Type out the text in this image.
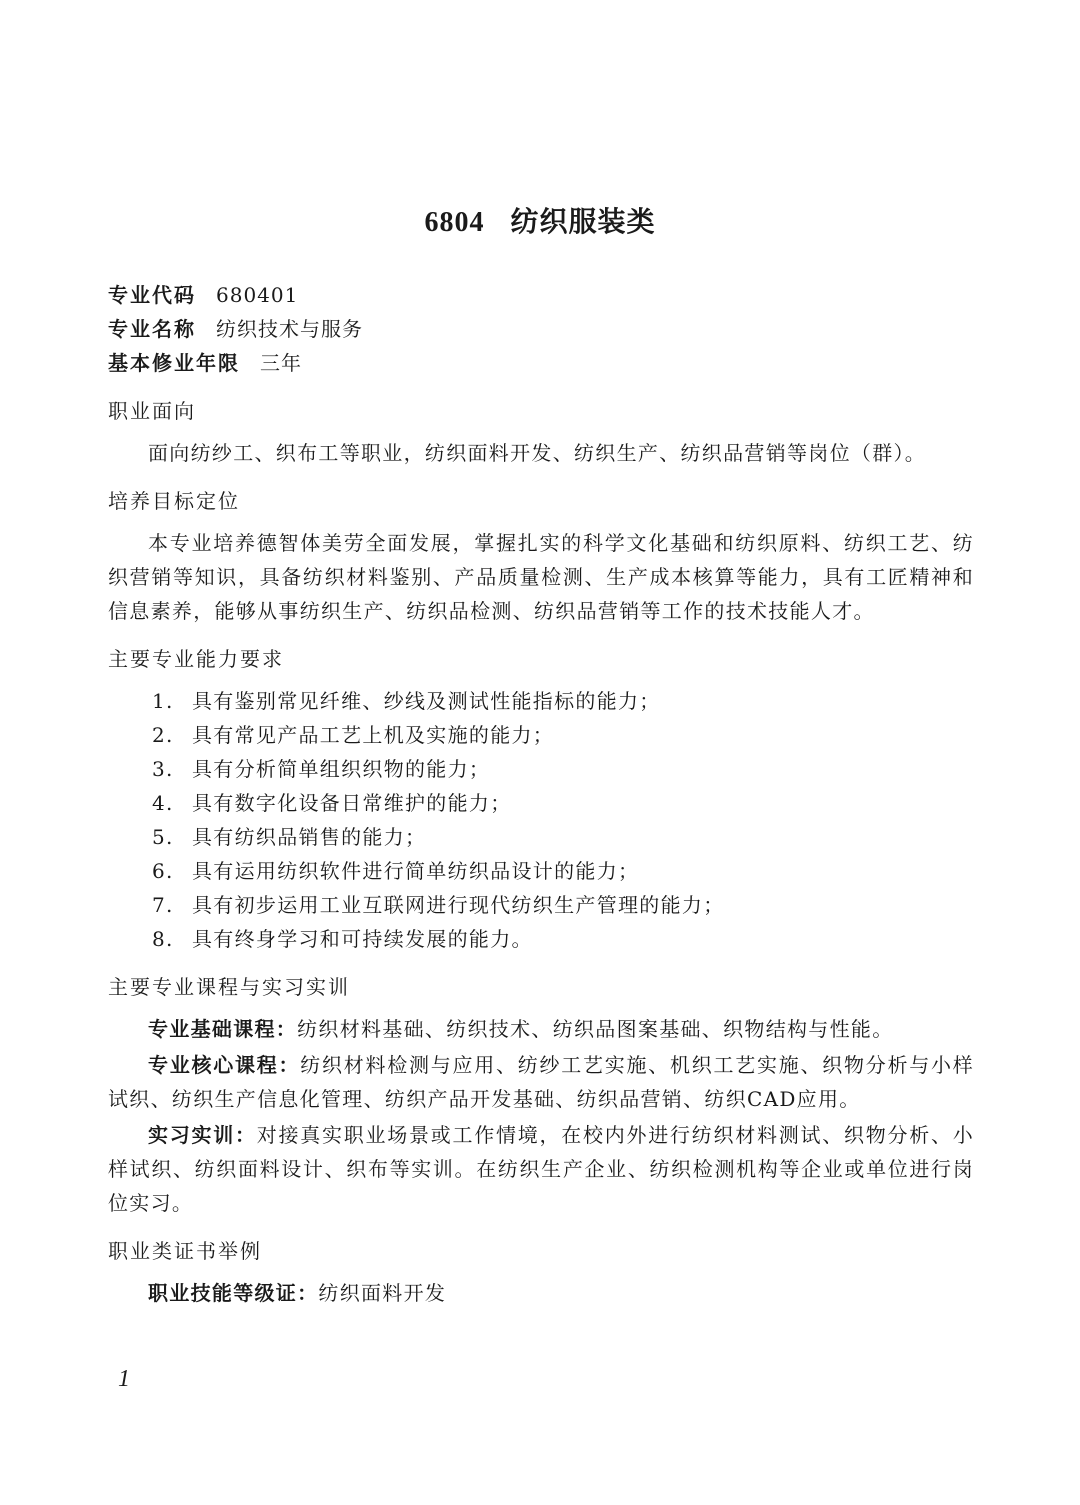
6804 纺织服装类
专业代码 680401
专业名称 纺织技术与服务
基本修业年限 三年
职业面向

面向纺纱工、织布工等职业，纺织面料开发、纺织生产、纺织品营销等岗位（群）。

培养目标定位

本专业培养德智体美劳全面发展，掌握扎实的科学文化基础和纺织原料、纺织工艺、纺织营销等知识，具备纺织材料鉴别、产品质量检测、生产成本核算等能力，具有工匠精神和信息素养，能够从事纺织生产、纺织品检测、纺织品营销等工作的技术技能人才。

主要专业能力要求
1. 具有鉴别常见纤维、纱线及测试性能指标的能力；
2. 具有常见产品工艺上机及实施的能力；
3. 具有分析简单组织织物的能力；
4. 具有数字化设备日常维护的能力；
5. 具有纺织品销售的能力；
6. 具有运用纺织软件进行简单纺织品设计的能力；
7. 具有初步运用工业互联网进行现代纺织生产管理的能力；
8. 具有终身学习和可持续发展的能力。
主要专业课程与实习实训

专业基础课程：纺织材料基础、纺织技术、纺织品图案基础、织物结构与性能。

专业核心课程：纺织材料检测与应用、纺纱工艺实施、机织工艺实施、织物分析与小样试织、纺织生产信息化管理、纺织产品开发基础、纺织品营销、纺织CAD应用。

实习实训：对接真实职业场景或工作情境，在校内外进行纺织材料测试、织物分析、小样试织、纺织面料设计、织布等实训。在纺织生产企业、纺织检测机构等企业或单位进行岗位实习。

职业类证书举例

职业技能等级证：纺织面料开发

1
